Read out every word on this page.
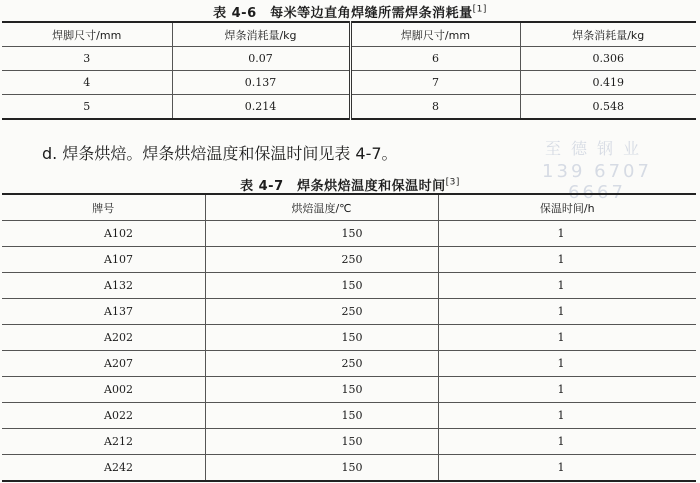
表 4-6　每米等边直角焊缝所需焊条消耗量[1]
焊脚尺寸/mm	焊条消耗量/kg	焊脚尺寸/mm	焊条消耗量/kg
3	0.07	6	0.306
4	0.137	7	0.419
5	0.214	8	0.548
d. 焊条烘焙。焊条烘焙温度和保温时间见表 4-7。	至德钢业
139 6707 6667
表 4-7　焊条烘焙温度和保温时间[3]
牌号	烘焙温度/℃	保温时间/h
A102	150	1
A107	250	1
A132	150	1
A137	250	1
A202	150	1
A207	250	1
A002	150	1
A022	150	1
A212	150	1
A242	150	1
